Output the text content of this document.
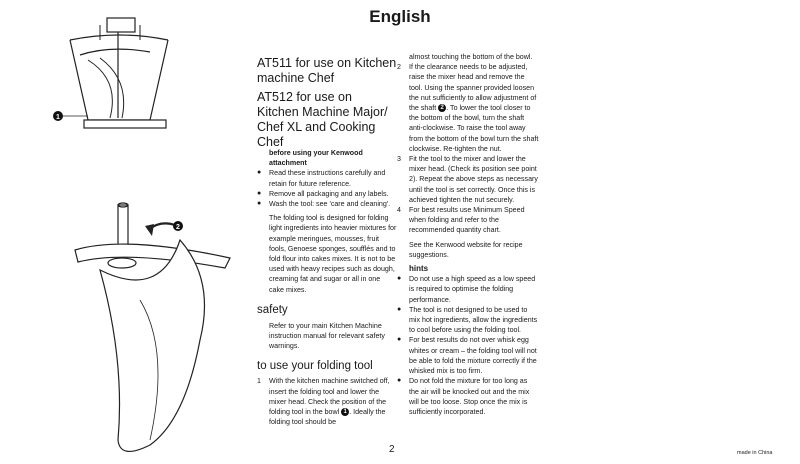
English
1
2

AT511 for use on Kitchen machine Chef

AT512 for use on Kitchen Machine Major/ Chef XL and Cooking Chef

before using your Kenwood attachment

● Read these instructions carefully and retain for future reference.
● Remove all packaging and any labels.
● Wash the tool: see 'care and cleaning'.

The folding tool is designed for folding light ingredients into heavier mixtures for example meringues, mousses, fruit fools, Genoese sponges, soufflés and to fold flour into cakes mixes. It is not to be used with heavy recipes such as dough, creaming fat and sugar or all in one cake mixes.

safety

Refer to your main Kitchen Machine instruction manual for relevant safety warnings.

to use your folding tool

1 With the kitchen machine switched off, insert the folding tool and lower the mixer head. Check the position of the folding tool in the bowl 1 . Ideally the folding tool should be

almost touching the bottom of the bowl.

2 If the clearance needs to be adjusted, raise the mixer head and remove the tool. Using the spanner provided loosen the nut sufficiently to allow adjustment of the shaft 2 . To lower the tool closer to the bottom of the bowl, turn the shaft anti-clockwise. To raise the tool away from the bottom of the bowl turn the shaft clockwise. Re-tighten the nut.
3 Fit the tool to the mixer and lower the mixer head. (Check its position see point 2). Repeat the above steps as necessary until the tool is set correctly. Once this is achieved tighten the nut securely.
4 For best results use Minimum Speed when folding and refer to the recommended quantity chart.

See the Kenwood website for recipe suggestions.

hints

● Do not use a high speed as a low speed is required to optimise the folding performance.
● The tool is not designed to be used to mix hot ingredients, allow the ingredients to cool before using the folding tool.
● For best results do not over whisk egg whites or cream – the folding tool will not be able to fold the mixture correctly if the whisked mix is too firm.
● Do not fold the mixture for too long as the air will be knocked out and the mix will be too loose. Stop once the mix is sufficiently incorporated.
2	made in China
